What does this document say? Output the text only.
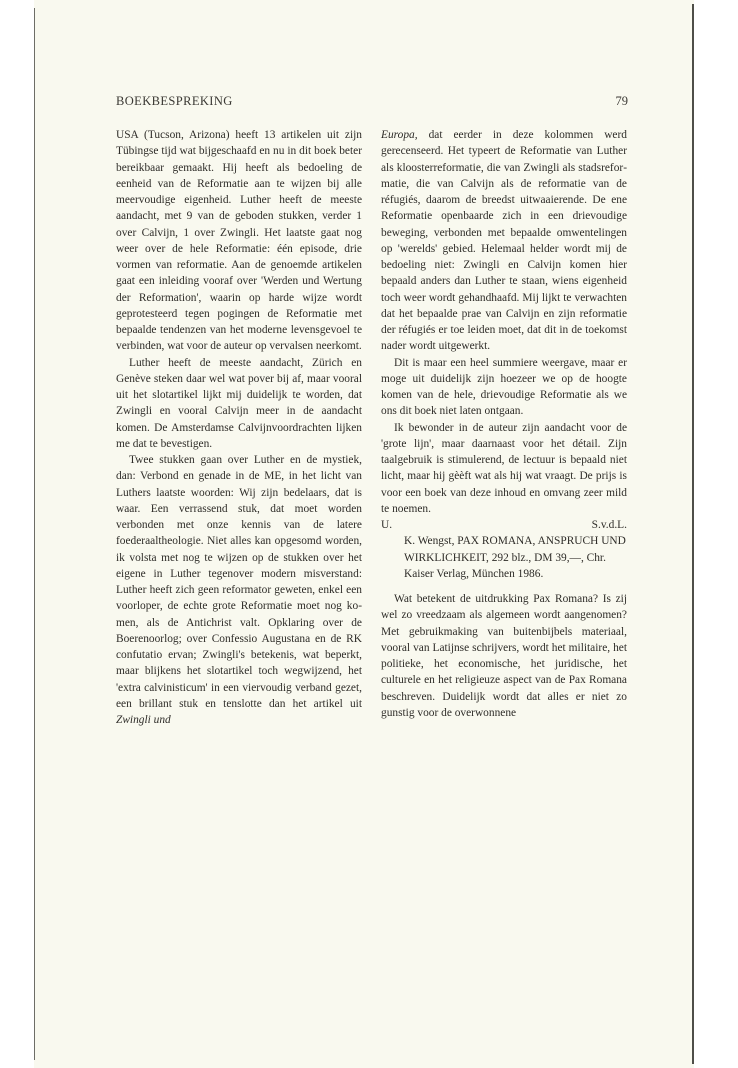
BOEKBESPREKING	79

USA (Tucson, Arizona) heeft 13 artikelen uit zijn Tübingse tijd wat bijgeschaafd en nu in dit boek beter bereikbaar gemaakt. Hij heeft als bedoeling de eenheid van de Reformatie aan te wijzen bij alle meervoudige eigenheid. Luther heeft de meeste aandacht, met 9 van de geboden stukken, verder 1 over Calvijn, 1 over Zwingli. Het laatste gaat nog weer over de hele Reformatie: één episode, drie vormen van reformatie. Aan de genoemde artikelen gaat een inleiding vooraf over 'Werden und Wertung der Reformation', waarin op harde wijze wordt geprotesteerd tegen pogingen de Reformatie met bepaalde tendenzen van het moderne levensgevoel te verbinden, wat voor de auteur op vervalsen neerkomt.

Luther heeft de meeste aandacht, Zürich en Genève steken daar wel wat pover bij af, maar vooral uit het slotartikel lijkt mij duidelijk te worden, dat Zwingli en vooral Calvijn meer in de aandacht komen. De Amsterdamse Calvijnvoordrachten lijken me dat te bevestigen.

Twee stukken gaan over Luther en de mystiek, dan: Verbond en genade in de ME, in het licht van Luthers laatste woorden: Wij zijn bedelaars, dat is waar. Een verrassend stuk, dat moet worden verbonden met onze kennis van de latere foederaaltheologie. Niet alles kan opgesomd worden, ik volsta met nog te wijzen op de stukken over het eigene in Luther tegenover modern misverstand: Luther heeft zich geen reformator geweten, enkel een voorloper, de echte grote Reformatie moet nog komen, als de Antichrist valt. Opklaring over de Boerenoorlog; over Confessio Augustana en de RK confutatio ervan; Zwingli's betekenis, wat beperkt, maar blijkens het slotartikel toch wegwijzend, het 'extra calvinisticum' in een viervoudig verband gezet, een brillant stuk en tenslotte dan het artikel uit Zwingli und

Europa, dat eerder in deze kolommen werd gerecenseerd. Het typeert de Reformatie van Luther als kloosterreformatie, die van Zwingli als stadsreformatie, die van Calvijn als de reformatie van de réfugiés, daarom de breedst uitwaaierende. De ene Reformatie openbaarde zich in een drievoudige beweging, verbonden met bepaalde omwentelingen op 'werelds' gebied. Helemaal helder wordt mij de bedoeling niet: Zwingli en Calvijn komen hier bepaald anders dan Luther te staan, wiens eigenheid toch weer wordt gehandhaafd. Mij lijkt te verwachten dat het bepaalde prae van Calvijn en zijn reformatie der réfugiés er toe leiden moet, dat dit in de toekomst nader wordt uitgewerkt.

Dit is maar een heel summiere weergave, maar er moge uit duidelijk zijn hoezeer we op de hoogte komen van de hele, drievoudige Reformatie als we ons dit boek niet laten ontgaan.

Ik bewonder in de auteur zijn aandacht voor de 'grote lijn', maar daarnaast voor het détail. Zijn taalgebruik is stimulerend, de lectuur is bepaald niet licht, maar hij gèèft wat als hij wat vraagt. De prijs is voor een boek van deze inhoud en omvang zeer mild te noemen.

U.	S.v.d.L.

K. Wengst, PAX ROMANA, ANSPRUCH UND WIRKLICHKEIT, 292 blz., DM 39,—, Chr. Kaiser Verlag, München 1986.

Wat betekent de uitdrukking Pax Romana? Is zij wel zo vreedzaam als algemeen wordt aangenomen? Met gebruikmaking van buitenbijbels materiaal, vooral van Latijnse schrijvers, wordt het militaire, het politieke, het economische, het juridische, het culturele en het religieuze aspect van de Pax Romana beschreven. Duidelijk wordt dat alles er niet zo gunstig voor de overwonnene
